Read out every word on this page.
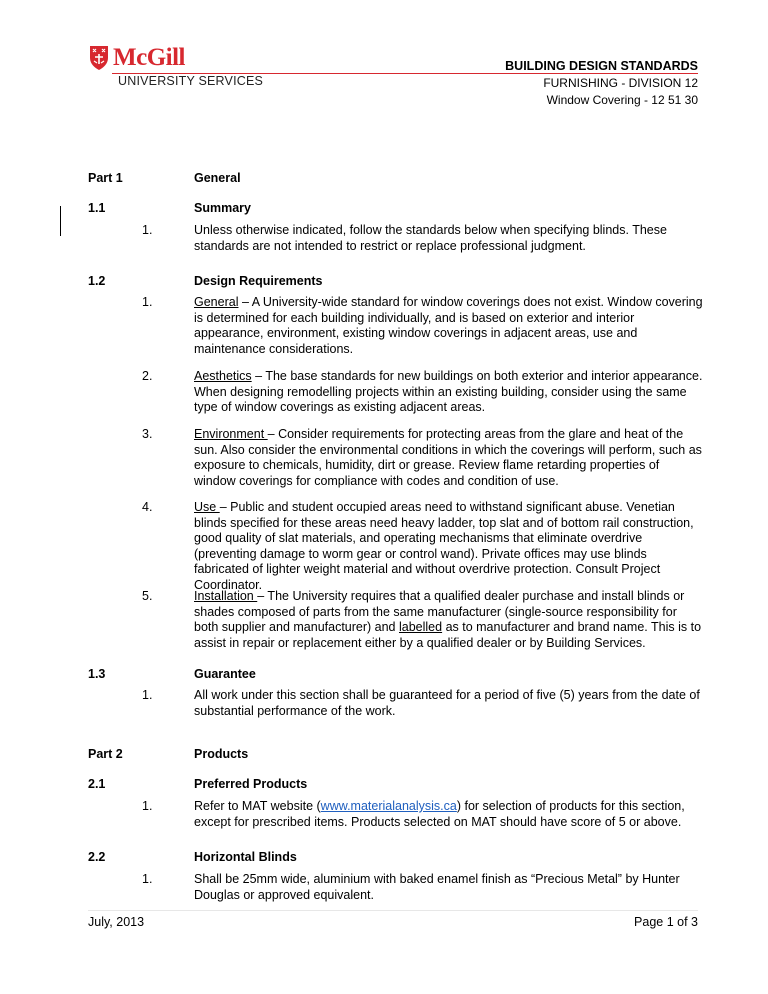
McGill
UNIVERSITY SERVICES
BUILDING DESIGN STANDARDS
FURNISHING - DIVISION 12
Window Covering - 12 51 30
Part 1	General
1.1	Summary
1.	Unless otherwise indicated, follow the standards below when specifying blinds. These standards are not intended to restrict or replace professional judgment.
1.2	Design Requirements
1.	General – A University-wide standard for window coverings does not exist. Window covering is determined for each building individually, and is based on exterior and interior appearance, environment, existing window coverings in adjacent areas, use and maintenance considerations.
2.	Aesthetics – The base standards for new buildings on both exterior and interior appearance. When designing remodelling projects within an existing building, consider using the same type of window coverings as existing adjacent areas.
3.	Environment – Consider requirements for protecting areas from the glare and heat of the sun. Also consider the environmental conditions in which the coverings will perform, such as exposure to chemicals, humidity, dirt or grease. Review flame retarding properties of window coverings for compliance with codes and condition of use.
4.	Use – Public and student occupied areas need to withstand significant abuse. Venetian blinds specified for these areas need heavy ladder, top slat and of bottom rail construction, good quality of slat materials, and operating mechanisms that eliminate overdrive (preventing damage to worm gear or control wand). Private offices may use blinds fabricated of lighter weight material and without overdrive protection. Consult Project Coordinator.
5.	Installation – The University requires that a qualified dealer purchase and install blinds or shades composed of parts from the same manufacturer (single-source responsibility for both supplier and manufacturer) and labelled as to manufacturer and brand name. This is to assist in repair or replacement either by a qualified dealer or by Building Services.
1.3	Guarantee
1.	All work under this section shall be guaranteed for a period of five (5) years from the date of substantial performance of the work.
Part 2	Products
2.1	Preferred Products
1.	Refer to MAT website (www.materialanalysis.ca) for selection of products for this section, except for prescribed items. Products selected on MAT should have score of 5 or above.
2.2	Horizontal Blinds
1.	Shall be 25mm wide, aluminium with baked enamel finish as “Precious Metal” by Hunter Douglas or approved equivalent.
July, 2013	Page 1 of 3
